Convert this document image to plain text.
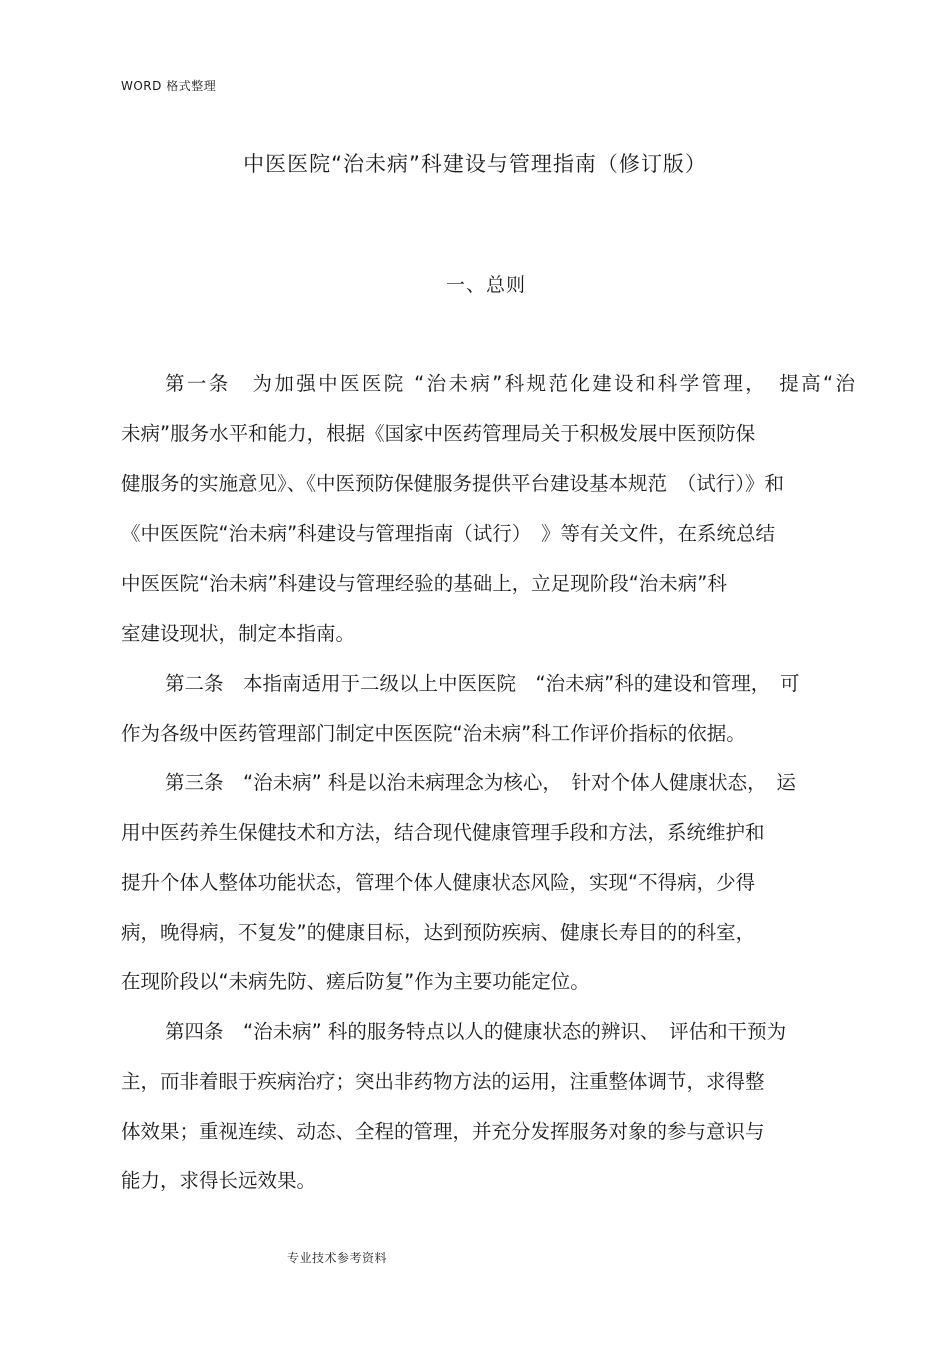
WORD 格式整理
中医医院“治未病”科建设与管理指南（修订版）
一、总则
第一条　为加强中医医院 “治未病”科规范化建设和科学管理，　提高“治
未病”服务水平和能力，根据《国家中医药管理局关于积极发展中医预防保
健服务的实施意见》、《中医预防保健服务提供平台建设基本规范　（试行）》和
《中医医院“治未病”科建设与管理指南（试行）　》等有关文件，在系统总结
中医医院“治未病”科建设与管理经验的基础上，立足现阶段“治未病”科
室建设现状，制定本指南。
第二条　本指南适用于二级以上中医医院　“治未病”科的建设和管理，　可
作为各级中医药管理部门制定中医医院“治未病”科工作评价指标的依据。
第三条　“治未病” 科是以治未病理念为核心，　针对个体人健康状态，　运
用中医药养生保健技术和方法，结合现代健康管理手段和方法，系统维护和
提升个体人整体功能状态，管理个体人健康状态风险，实现“不得病，少得
病，晚得病，不复发”的健康目标，达到预防疾病、健康长寿目的的科室，
在现阶段以“未病先防、瘥后防复”作为主要功能定位。
第四条　“治未病” 科的服务特点以人的健康状态的辨识、　评估和干预为
主，而非着眼于疾病治疗；突出非药物方法的运用，注重整体调节，求得整
体效果；重视连续、动态、全程的管理，并充分发挥服务对象的参与意识与
能力，求得长远效果。
专业技术参考资料
